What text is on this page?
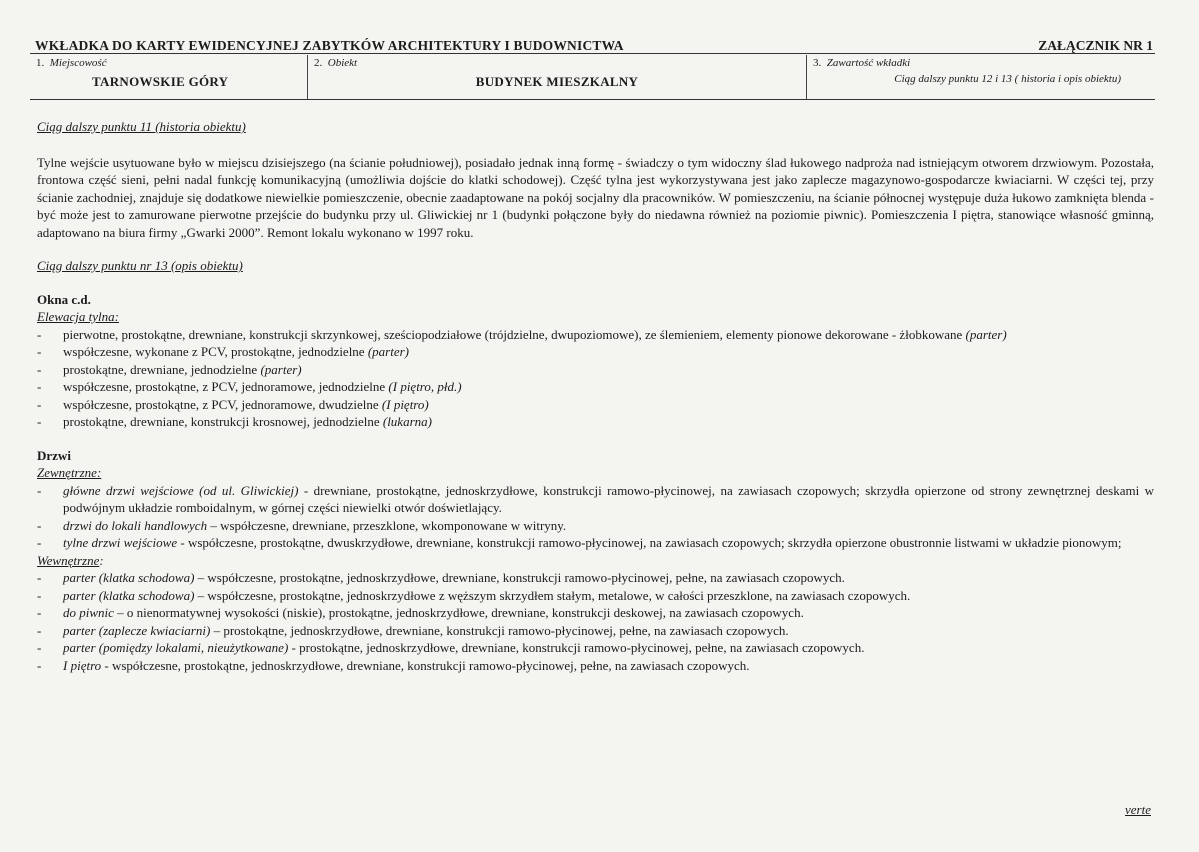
WKŁADKA DO KARTY EWIDENCYJNEJ ZABYTKÓW ARCHITEKTURY I BUDOWNICTWA	ZAŁĄCZNIK NR 1
1. Miejscowość
TARNOWSKIE GÓRY
2. Obiekt
BUDYNEK MIESZKALNY
3. Zawartość wkładki
Ciąg dalszy punktu 12 i 13 ( historia i opis obiektu)

Ciąg dalszy punktu 11 (historia obiektu)

Tylne wejście usytuowane było w miejscu dzisiejszego (na ścianie południowej), posiadało jednak inną formę - świadczy o tym widoczny ślad łukowego nadproża nad istniejącym otworem drzwiowym. Pozostała, frontowa część sieni, pełni nadal funkcję komunikacyjną (umożliwia dojście do klatki schodowej). Część tylna jest wykorzystywana jest jako zaplecze magazynowo-gospodarcze kwiaciarni. W części tej, przy ścianie zachodniej, znajduje się dodatkowe niewielkie pomieszczenie, obecnie zaadaptowane na pokój socjalny dla pracowników. W pomieszczeniu, na ścianie północnej występuje duża łukowo zamknięta blenda - być może jest to zamurowane pierwotne przejście do budynku przy ul. Gliwickiej nr 1 (budynki połączone były do niedawna również na poziomie piwnic). Pomieszczenia I piętra, stanowiące własność gminną, adaptowano na biura firmy „Gwarki 2000”. Remont lokalu wykonano w 1997 roku.

Ciąg dalszy punktu nr 13 (opis obiektu)

Okna c.d.

Elewacja tylna:

- pierwotne, prostokątne, drewniane, konstrukcji skrzynkowej, sześciopodziałowe (trójdzielne, dwupoziomowe), ze ślemieniem, elementy pionowe dekorowane - żłobkowane (parter)
- współczesne, wykonane z PCV, prostokątne, jednodzielne (parter)
- prostokątne, drewniane, jednodzielne (parter)
- współczesne, prostokątne, z PCV, jednoramowe, jednodzielne (I piętro, płd.)
- współczesne, prostokątne, z PCV, jednoramowe, dwudzielne (I piętro)
- prostokątne, drewniane, konstrukcji krosnowej, jednodzielne (lukarna)

Drzwi

Zewnętrzne:

- główne drzwi wejściowe (od ul. Gliwickiej) - drewniane, prostokątne, jednoskrzydłowe, konstrukcji ramowo-płycinowej, na zawiasach czopowych; skrzydła opierzone od strony zewnętrznej deskami w podwójnym układzie romboidalnym, w górnej części niewielki otwór doświetlający.
- drzwi do lokali handlowych – współczesne, drewniane, przeszklone, wkomponowane w witryny.
- tylne drzwi wejściowe - współczesne, prostokątne, dwuskrzydłowe, drewniane, konstrukcji ramowo-płycinowej, na zawiasach czopowych; skrzydła opierzone obustronnie listwami w układzie pionowym;

Wewnętrzne:

- parter (klatka schodowa) – współczesne, prostokątne, jednoskrzydłowe, drewniane, konstrukcji ramowo-płycinowej, pełne, na zawiasach czopowych.
- parter (klatka schodowa) – współczesne, prostokątne, jednoskrzydłowe z węższym skrzydłem stałym, metalowe, w całości przeszklone, na zawiasach czopowych.
- do piwnic – o nienormatywnej wysokości (niskie), prostokątne, jednoskrzydłowe, drewniane, konstrukcji deskowej, na zawiasach czopowych.
- parter (zaplecze kwiaciarni) – prostokątne, jednoskrzydłowe, drewniane, konstrukcji ramowo-płycinowej, pełne, na zawiasach czopowych.
- parter (pomiędzy lokalami, nieużytkowane) - prostokątne, jednoskrzydłowe, drewniane, konstrukcji ramowo-płycinowej, pełne, na zawiasach czopowych.
- I piętro - współczesne, prostokątne, jednoskrzydłowe, drewniane, konstrukcji ramowo-płycinowej, pełne, na zawiasach czopowych.
verte
